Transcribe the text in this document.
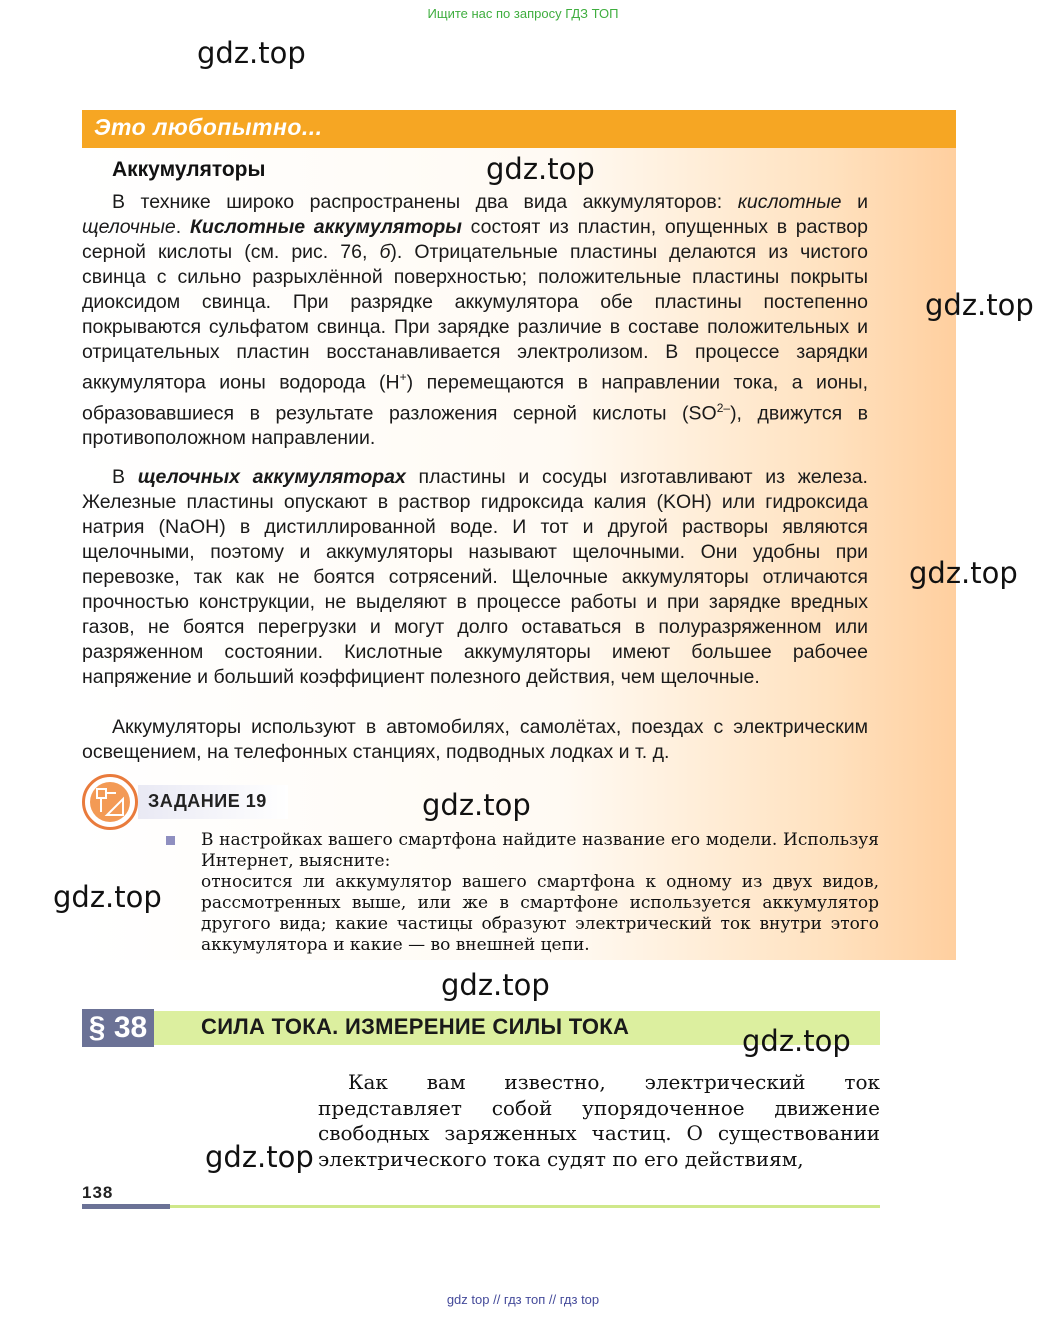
Ищите нас по запросу ГДЗ ТОП
Это любопытно...
Аккумуляторы
В технике широко распространены два вида аккумуляторов: кислотные и щелочные. Кислотные аккумуляторы состоят из пластин, опущенных в раствор серной кислоты (см. рис. 76, б). Отрицательные пластины делаются из чистого свинца с сильно разрыхлённой поверхностью; положительные пластины покрыты диоксидом свинца. При разрядке аккумулятора обе пластины постепенно покрываются сульфатом свинца. При зарядке различие в составе положительных и отрицательных пластин восстанавливается электролизом. В процессе зарядки аккумулятора ионы водорода (H+) перемещаются в направлении тока, а ионы, образовавшиеся в результате разложения серной кислоты $(SO^{2-})$, движутся в противоположном направлении.
В щелочных аккумуляторах пластины и сосуды изготавливают из железа. Железные пластины опускают в раствор гидроксида калия (KOH) или гидроксида натрия (NaOH) в дистиллированной воде. И тот и другой растворы являются щелочными, поэтому и аккумуляторы называют щелочными. Они удобны при перевозке, так как не боятся сотрясений. Щелочные аккумуляторы отличаются прочностью конструкции, не выделяют в процессе работы и при зарядке вредных газов, не боятся перегрузки и могут долго оставаться в полуразряженном или разряженном состоянии. Кислотные аккумуляторы имеют большее рабочее напряжение и больший коэффициент полезного действия, чем щелочные.
Аккумуляторы используют в автомобилях, самолётах, поездах с электрическим освещением, на телефонных станциях, подводных лодках и т. д.
ЗАДАНИЕ 19
В настройках вашего смартфона найдите название его модели. Используя Интернет, выясните:
относится ли аккумулятор вашего смартфона к одному из двух видов, рассмотренных выше, или же в смартфоне используется аккумулятор другого вида; какие частицы образуют электрический ток внутри этого аккумулятора и какие — во внешней цепи.
§ 38	СИЛА ТОКА. ИЗМЕРЕНИЕ СИЛЫ ТОКА
Как вам известно, электрический ток представляет собой упорядоченное движение свободных заряженных частиц. О существовании электрического тока судят по его действиям,
138
gdz top // гдз топ // гдз top
gdz.top
gdz.top
gdz.top
gdz.top
gdz.top
gdz.top
gdz.top
gdz.top
gdz.top
